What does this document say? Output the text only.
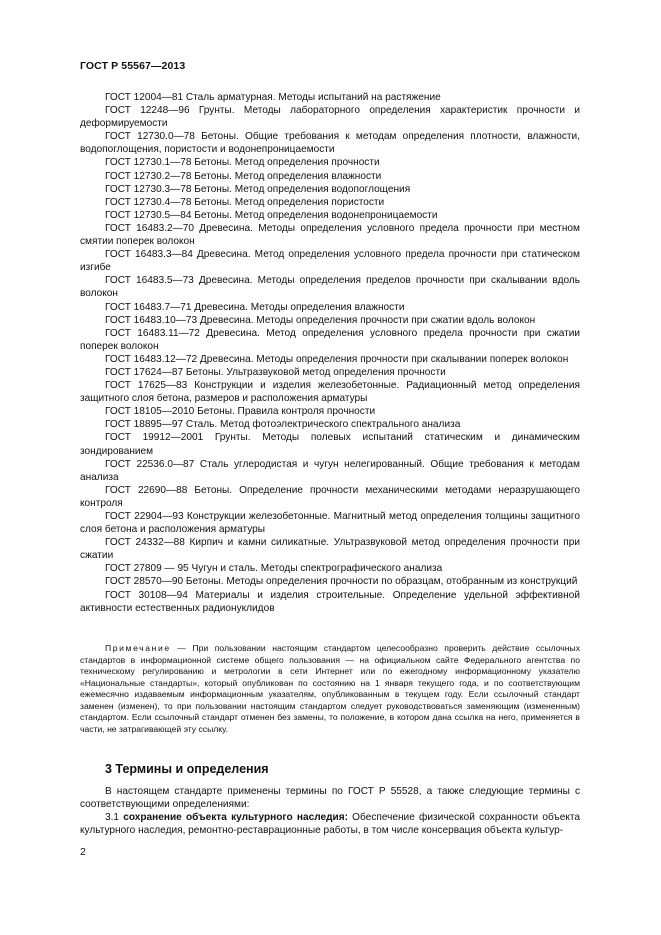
ГОСТ Р 55567—2013

ГОСТ 12004—81 Сталь арматурная. Методы испытаний на растяжение

ГОСТ 12248—96 Грунты. Методы лабораторного определения характеристик прочности и деформируемости

ГОСТ 12730.0—78 Бетоны. Общие требования к методам определения плотности, влажности, водопоглощения, пористости и водонепроницаемости

ГОСТ 12730.1—78 Бетоны. Метод определения прочности

ГОСТ 12730.2—78 Бетоны. Метод определения влажности

ГОСТ 12730.3—78 Бетоны. Метод определения водопоглощения

ГОСТ 12730.4—78 Бетоны. Метод определения пористости

ГОСТ 12730.5—84 Бетоны. Метод определения водонепроницаемости

ГОСТ 16483.2—70 Древесина. Методы определения условного предела прочности при местном смятии поперек волокон

ГОСТ 16483.3—84 Древесина. Метод определения условного предела прочности при статическом изгибе

ГОСТ 16483.5—73 Древесина. Методы определения пределов прочности при скалывании вдоль волокон

ГОСТ 16483.7—71 Древесина. Методы определения влажности

ГОСТ 16483.10—73 Древесина. Методы определения прочности при сжатии вдоль волокон

ГОСТ 16483.11—72 Древесина. Метод определения условного предела прочности при сжатии поперек волокон

ГОСТ 16483.12—72 Древесина. Методы определения прочности при скалывании поперек волокон

ГОСТ 17624—87 Бетоны. Ультразвуковой метод определения прочности

ГОСТ 17625—83 Конструкции и изделия железобетонные. Радиационный метод определения защитного слоя бетона, размеров и расположения арматуры

ГОСТ 18105—2010 Бетоны. Правила контроля прочности

ГОСТ 18895—97 Сталь. Метод фотоэлектрического спектрального анализа

ГОСТ 19912—2001 Грунты. Методы полевых испытаний статическим и динамическим зондированием

ГОСТ 22536.0—87 Сталь углеродистая и чугун нелегированный. Общие требования к методам анализа

ГОСТ 22690—88 Бетоны. Определение прочности механическими методами неразрушающего контроля

ГОСТ 22904—93 Конструкции железобетонные. Магнитный метод определения толщины защитного слоя бетона и расположения арматуры

ГОСТ 24332—88 Кирпич и камни силикатные. Ультразвуковой метод определения прочности при сжатии

ГОСТ 27809 — 95 Чугун и сталь. Методы спектрографического анализа

ГОСТ 28570—90 Бетоны. Методы определения прочности по образцам, отобранным из конструкций

ГОСТ 30108—94 Материалы и изделия строительные. Определение удельной эффективной активности естественных радионуклидов

Примечание — При пользовании настоящим стандартом целесообразно проверить действие ссылочных стандартов в информационной системе общего пользования — на официальном сайте Федерального агентства по техническому регулированию и метрологии в сети Интернет или по ежегодному информационному указателю «Национальные стандарты», который опубликован по состоянию на 1 января текущего года, и по соответствующим ежемесячно издаваемым информационным указателям, опубликованным в текущем году. Если ссылочный стандарт заменен (изменен), то при пользовании настоящим стандартом следует руководствоваться заменяющим (измененным) стандартом. Если ссылочный стандарт отменен без замены, то положение, в котором дана ссылка на него, применяется в части, не затрагивающей эту ссылку.

3 Термины и определения

В настоящем стандарте применены термины по ГОСТ Р 55528, а также следующие термины с соответствующими определениями:

3.1 сохранение объекта культурного наследия: Обеспечение физической сохранности объекта культурного наследия, ремонтно-реставрационные работы, в том числе консервация объекта культур-

2
